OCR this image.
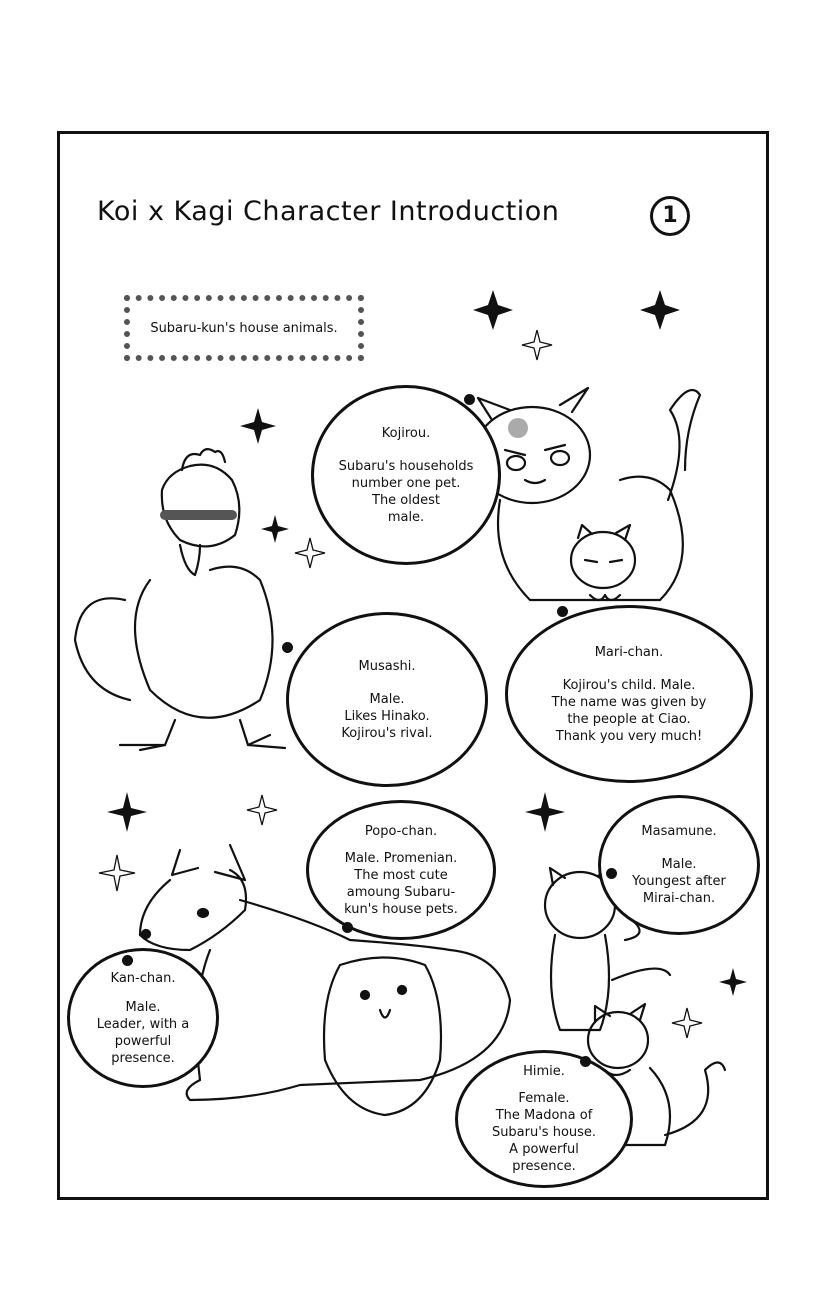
Koi x Kagi Character Introduction	1
Subaru-kun's house animals.
Kojirou.
Subaru's households
number one pet.
The oldest
male.
Musashi.
Male.
Likes Hinako.
Kojirou's rival.
Mari-chan.
Kojirou's child. Male.
The name was given by
the people at Ciao.
Thank you very much!
Popo-chan.
Male. Promenian.
The most cute
amoung Subaru-
kun's house pets.
Masamune.
Male.
Youngest after
Mirai-chan.
Kan-chan.
Male.
Leader, with a
powerful
presence.
Himie.
Female.
The Madona of
Subaru's house.
A powerful
presence.
